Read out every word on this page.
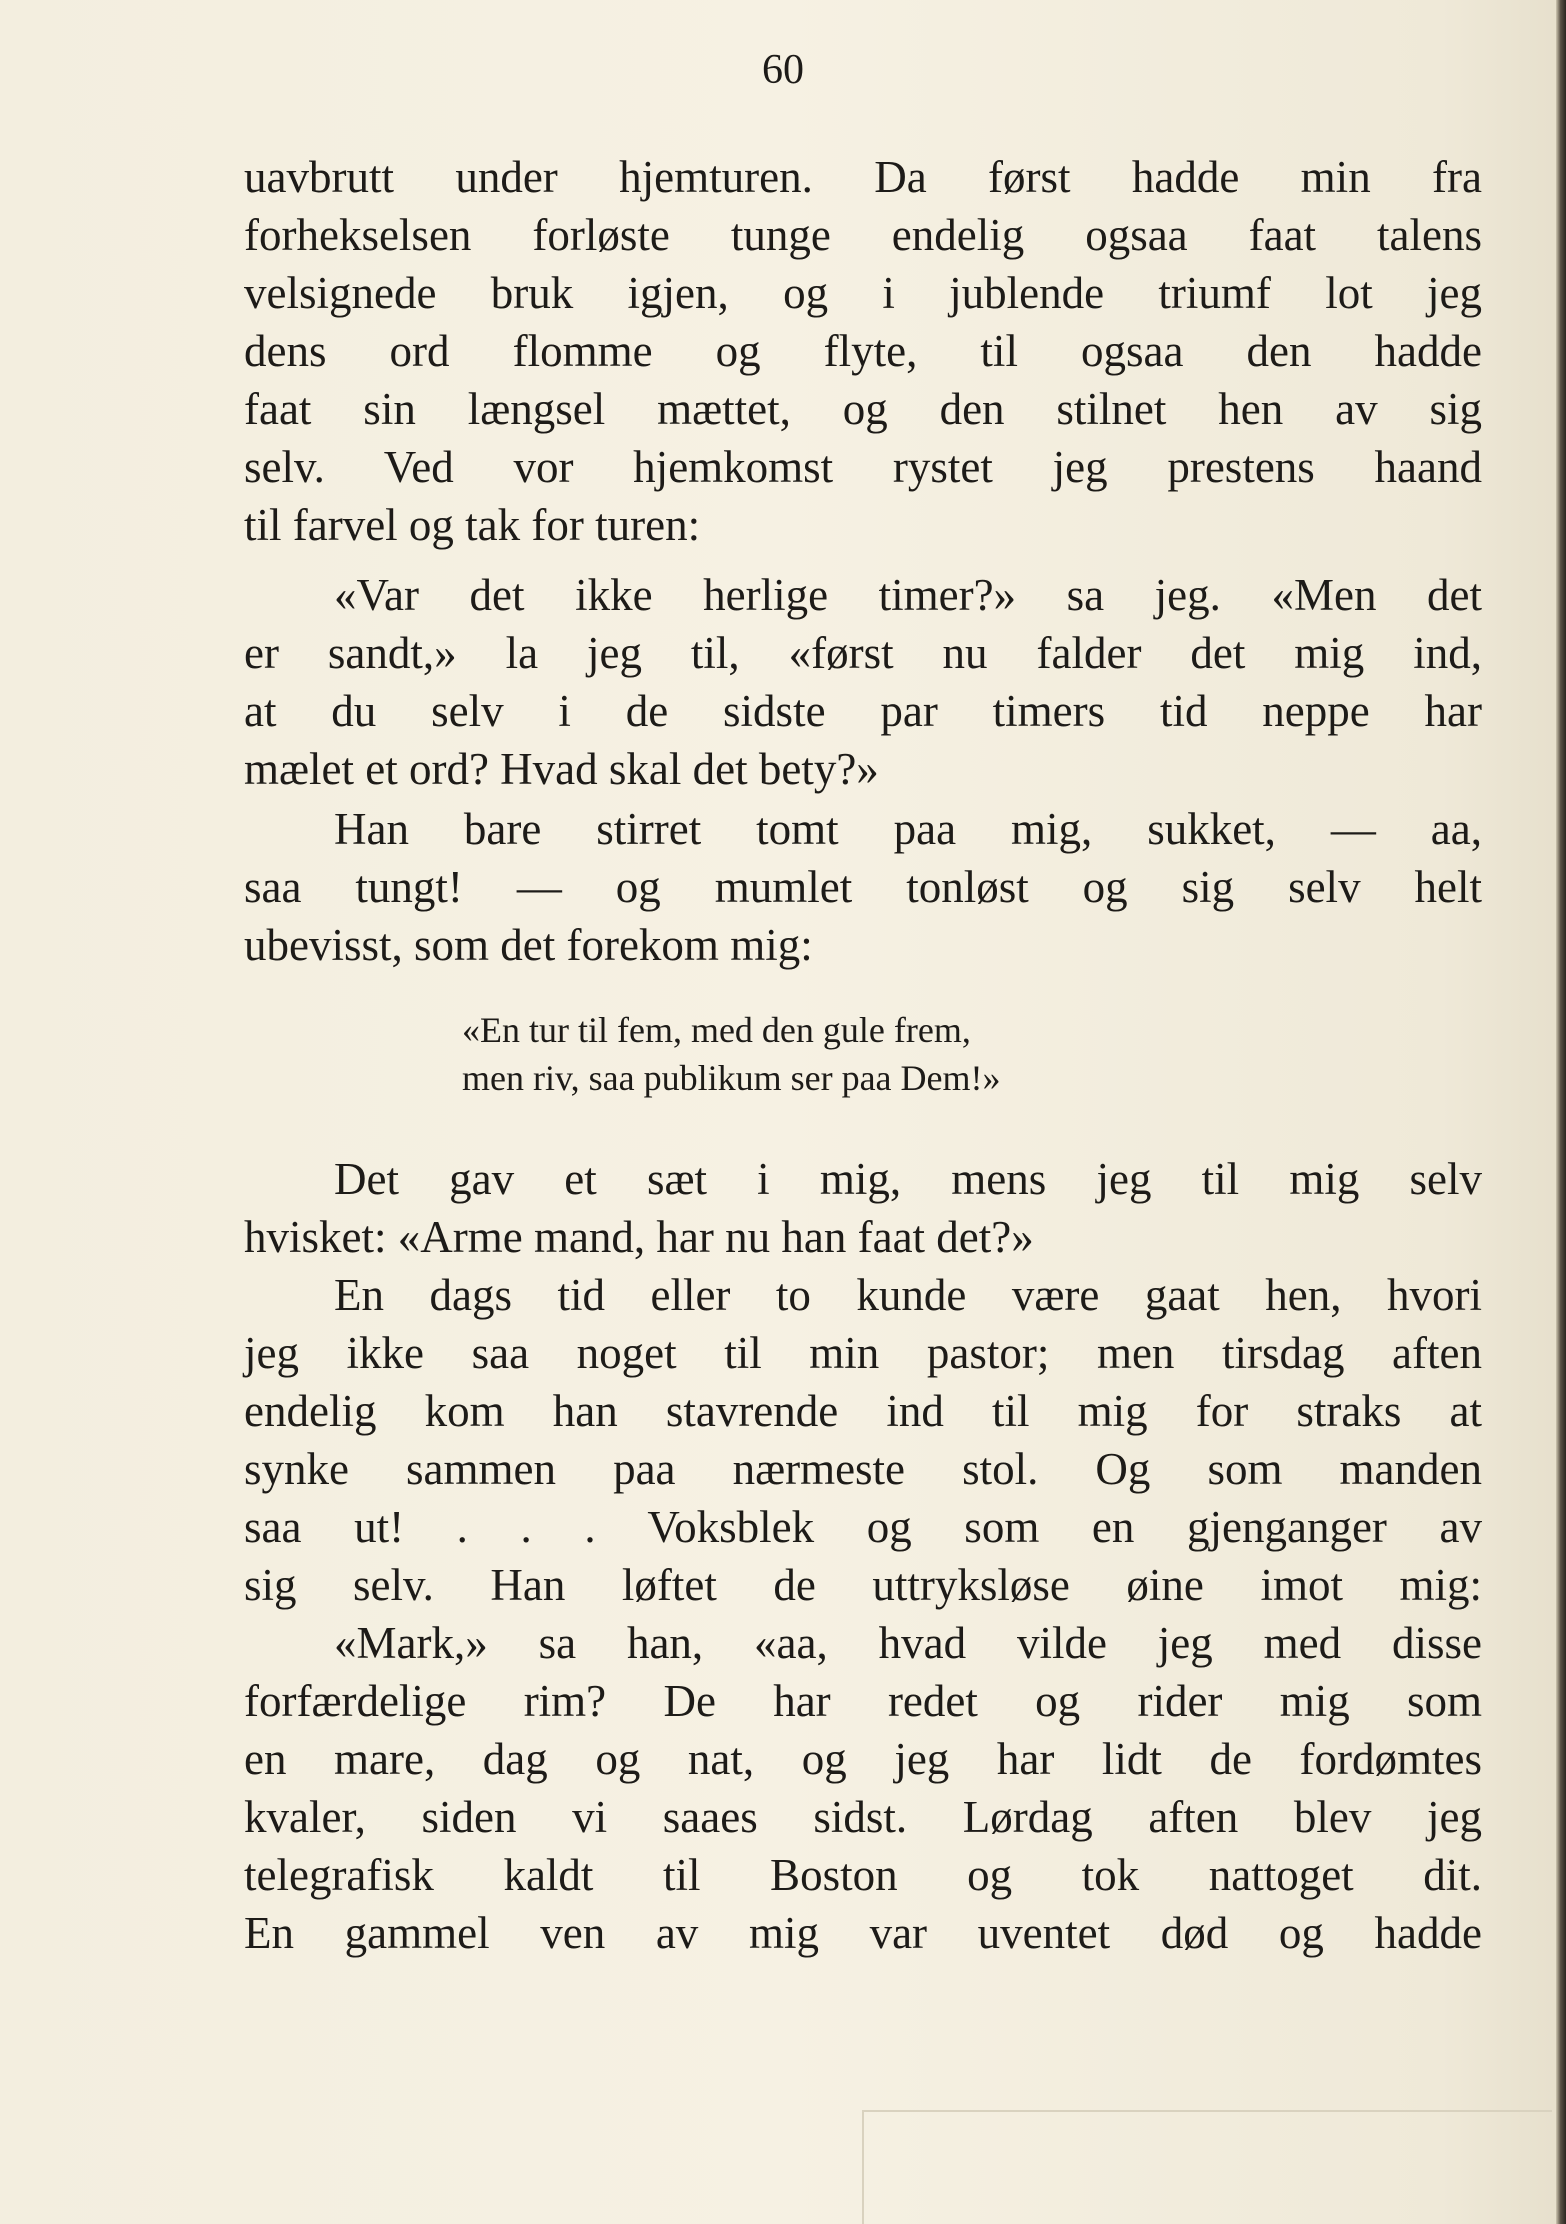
60
uavbrutt under hjemturen. Da først hadde min fra
forhekselsen forløste tunge endelig ogsaa faat talens
velsignede bruk igjen, og i jublende triumf lot jeg
dens ord flomme og flyte, til ogsaa den hadde
faat sin længsel mættet, og den stilnet hen av sig
selv. Ved vor hjemkomst rystet jeg prestens haand
til farvel og tak for turen:
«Var det ikke herlige timer?» sa jeg. «Men det
er sandt,» la jeg til, «først nu falder det mig ind,
at du selv i de sidste par timers tid neppe har
mælet et ord? Hvad skal det bety?»
Han bare stirret tomt paa mig, sukket, — aa,
saa tungt! — og mumlet tonløst og sig selv helt
ubevisst, som det forekom mig:
«En tur til fem, med den gule frem,
men riv, saa publikum ser paa Dem!»
Det gav et sæt i mig, mens jeg til mig selv
hvisket: «Arme mand, har nu han faat det?»
En dags tid eller to kunde være gaat hen, hvori
jeg ikke saa noget til min pastor; men tirsdag aften
endelig kom han stavrende ind til mig for straks at
synke sammen paa nærmeste stol. Og som manden
saa ut! . . . Voksblek og som en gjenganger av
sig selv. Han løftet de uttryksløse øine imot mig:
«Mark,» sa han, «aa, hvad vilde jeg med disse
forfærdelige rim? De har redet og rider mig som
en mare, dag og nat, og jeg har lidt de fordømtes
kvaler, siden vi saaes sidst. Lørdag aften blev jeg
telegrafisk kaldt til Boston og tok nattoget dit.
En gammel ven av mig var uventet død og hadde
